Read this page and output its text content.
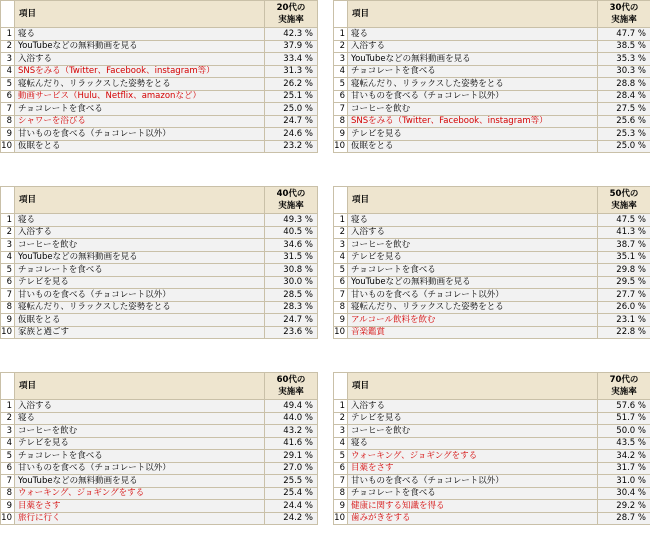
	項目	20代の
実施率

1	寝る	42.3 %
2	YouTubeなどの無料動画を見る	37.9 %
3	入浴する	33.4 %
4	SNSをみる（Twitter、Facebook、instagram等）	31.3 %
5	寝転んだり、リラックスした姿勢をとる	26.2 %
6	動画サービス（Hulu、Netflix、amazonなど）	25.1 %
7	チョコレートを食べる	25.0 %
8	シャワーを浴びる	24.7 %
9	甘いものを食べる（チョコレート以外）	24.6 %
10	仮眠をとる	23.2 %
	項目	30代の
実施率

1	寝る	47.7 %
2	入浴する	38.5 %
3	YouTubeなどの無料動画を見る	35.3 %
4	チョコレートを食べる	30.3 %
5	寝転んだり、リラックスした姿勢をとる	28.8 %
6	甘いものを食べる（チョコレート以外）	28.4 %
7	コーヒーを飲む	27.5 %
8	SNSをみる（Twitter、Facebook、instagram等）	25.6 %
9	テレビを見る	25.3 %
10	仮眠をとる	25.0 %
	項目	40代の
実施率

1	寝る	49.3 %
2	入浴する	40.5 %
3	コーヒーを飲む	34.6 %
4	YouTubeなどの無料動画を見る	31.5 %
5	チョコレートを食べる	30.8 %
6	テレビを見る	30.0 %
7	甘いものを食べる（チョコレート以外）	28.5 %
8	寝転んだり、リラックスした姿勢をとる	28.3 %
9	仮眠をとる	24.7 %
10	家族と過ごす	23.6 %
	項目	50代の
実施率

1	寝る	47.5 %
2	入浴する	41.3 %
3	コーヒーを飲む	38.7 %
4	テレビを見る	35.1 %
5	チョコレートを食べる	29.8 %
6	YouTubeなどの無料動画を見る	29.5 %
7	甘いものを食べる（チョコレート以外）	27.7 %
8	寝転んだり、リラックスした姿勢をとる	26.0 %
9	アルコール飲料を飲む	23.1 %
10	音楽鑑賞	22.8 %
	項目	60代の
実施率

1	入浴する	49.4 %
2	寝る	44.0 %
3	コーヒーを飲む	43.2 %
4	テレビを見る	41.6 %
5	チョコレートを食べる	29.1 %
6	甘いものを食べる（チョコレート以外）	27.0 %
7	YouTubeなどの無料動画を見る	25.5 %
8	ウォーキング、ジョギングをする	25.4 %
9	目薬をさす	24.4 %
10	旅行に行く	24.2 %
	項目	70代の
実施率

1	入浴する	57.6 %
2	テレビを見る	51.7 %
3	コーヒーを飲む	50.0 %
4	寝る	43.5 %
5	ウォーキング、ジョギングをする	34.2 %
6	目薬をさす	31.7 %
7	甘いものを食べる（チョコレート以外）	31.0 %
8	チョコレートを食べる	30.4 %
9	健康に関する知識を得る	29.2 %
10	歯みがきをする	28.7 %
